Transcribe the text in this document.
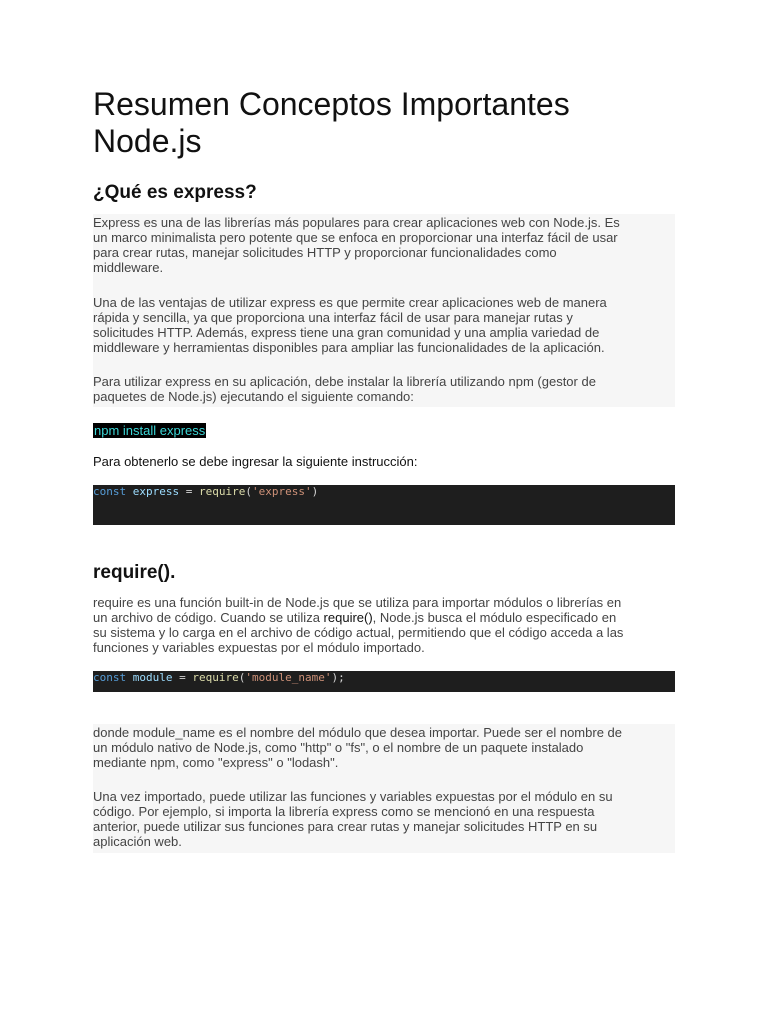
Resumen Conceptos Importantes Node.js
¿Qué es express?

Express es una de las librerías más populares para crear aplicaciones web con Node.js. Es
un marco minimalista pero potente que se enfoca en proporcionar una interfaz fácil de usar
para crear rutas, manejar solicitudes HTTP y proporcionar funcionalidades como
middleware.

Una de las ventajas de utilizar express es que permite crear aplicaciones web de manera
rápida y sencilla, ya que proporciona una interfaz fácil de usar para manejar rutas y
solicitudes HTTP. Además, express tiene una gran comunidad y una amplia variedad de
middleware y herramientas disponibles para ampliar las funcionalidades de la aplicación.

Para utilizar express en su aplicación, debe instalar la librería utilizando npm (gestor de
paquetes de Node.js) ejecutando el siguiente comando:

npm install express

Para obtenerlo se debe ingresar la siguiente instrucción:

const express = require('express')
require().

require es una función built-in de Node.js que se utiliza para importar módulos o librerías en
un archivo de código. Cuando se utiliza require(), Node.js busca el módulo especificado en
su sistema y lo carga en el archivo de código actual, permitiendo que el código acceda a las
funciones y variables expuestas por el módulo importado.

const module = require('module_name');

donde module_name es el nombre del módulo que desea importar. Puede ser el nombre de
un módulo nativo de Node.js, como "http" o "fs", o el nombre de un paquete instalado
mediante npm, como "express" o "lodash".

Una vez importado, puede utilizar las funciones y variables expuestas por el módulo en su
código. Por ejemplo, si importa la librería express como se mencionó en una respuesta
anterior, puede utilizar sus funciones para crear rutas y manejar solicitudes HTTP en su
aplicación web.
